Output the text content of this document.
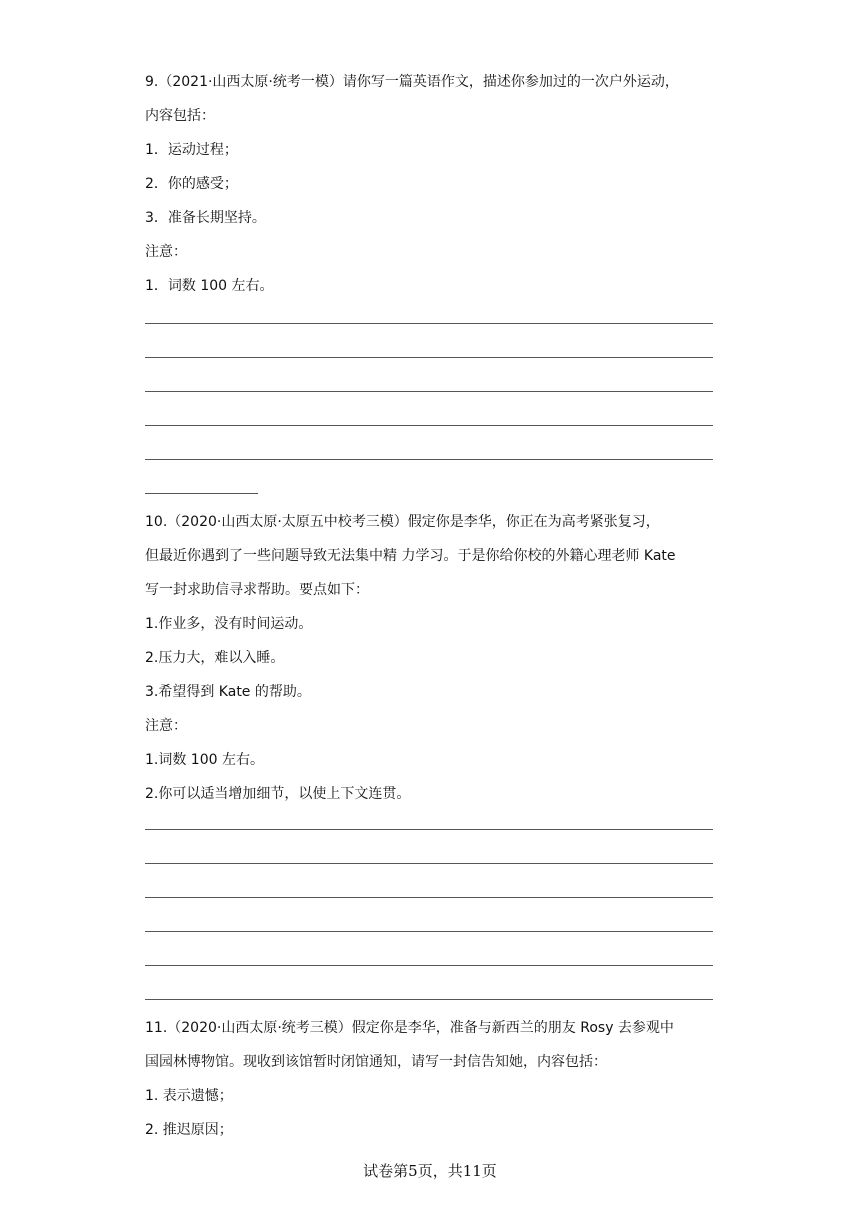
9.（2021·山西太原·统考一模）请你写一篇英语作文，描述你参加过的一次户外运动，
内容包括：
1．运动过程；
2．你的感受；
3．准备长期坚持。
注意：
1．词数 100 左右。
10.（2020·山西太原·太原五中校考三模）假定你是李华，你正在为高考紧张复习，
但最近你遇到了一些问题导致无法集中精 力学习。于是你给你校的外籍心理老师 Kate
写一封求助信寻求帮助。要点如下：
1.作业多，没有时间运动。
2.压力大，难以入睡。
3.希望得到 Kate 的帮助。
注意：
1.词数 100 左右。
2.你可以适当增加细节，以使上下文连贯。
11.（2020·山西太原·统考三模）假定你是李华，准备与新西兰的朋友 Rosy 去参观中
国园林博物馆。现收到该馆暂时闭馆通知，请写一封信告知她，内容包括：
1. 表示遗憾；
2. 推迟原因；
试卷第5页，共11页
